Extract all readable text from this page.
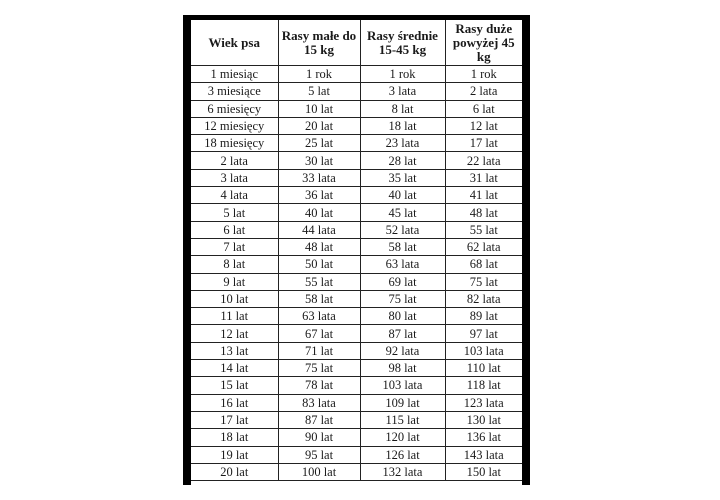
Wiek psa	Rasy małe do 15 kg	Rasy średnie 15-45 kg	Rasy duże powyżej 45 kg
1 miesiąc	1 rok	1 rok	1 rok
3 miesiące	5 lat	3 lata	2 lata
6 miesięcy	10 lat	8 lat	6 lat
12 miesięcy	20 lat	18 lat	12 lat
18 miesięcy	25 lat	23 lata	17 lat
2 lata	30 lat	28 lat	22 lata
3 lata	33 lata	35 lat	31 lat
4 lata	36 lat	40 lat	41 lat
5 lat	40 lat	45 lat	48 lat
6 lat	44 lata	52 lata	55 lat
7 lat	48 lat	58 lat	62 lata
8 lat	50 lat	63 lata	68 lat
9 lat	55 lat	69 lat	75 lat
10 lat	58 lat	75 lat	82 lata
11 lat	63 lata	80 lat	89 lat
12 lat	67 lat	87 lat	97 lat
13 lat	71 lat	92 lata	103 lata
14 lat	75 lat	98 lat	110 lat
15 lat	78 lat	103 lata	118 lat
16 lat	83 lata	109 lat	123 lata
17 lat	87 lat	115 lat	130 lat
18 lat	90 lat	120 lat	136 lat
19 lat	95 lat	126 lat	143 lata
20 lat	100 lat	132 lata	150 lat
